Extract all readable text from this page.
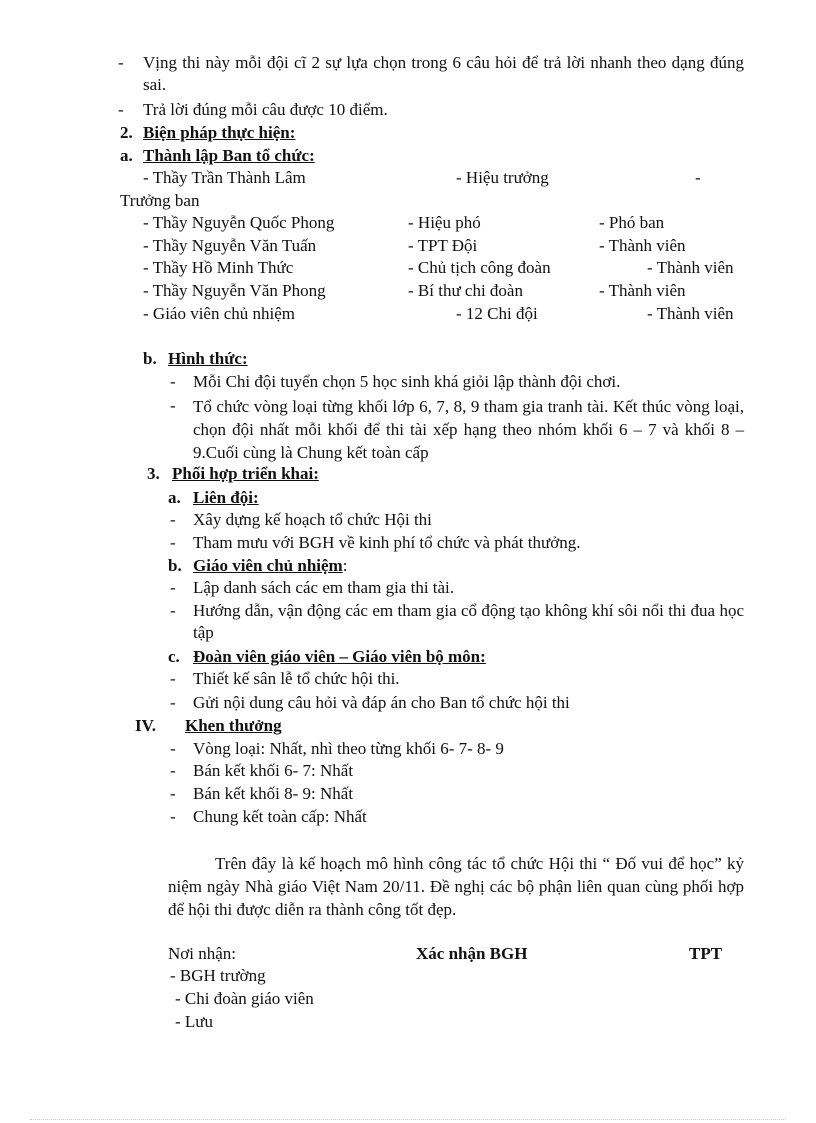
- Vịng thi này mỗi đội cĩ 2 sự lựa chọn trong 6 câu hỏi để trả lời nhanh theo dạng đúng sai.
- Trả lời đúng mỗi câu được 10 điểm.
2. Biện pháp thực hiện:
a. Thành lập Ban tổ chức:
- Thầy Trần Thành Lâm	- Hiệu trưởng	-
Trưởng ban
- Thầy Nguyễn Quốc Phong	- Hiệu phó	- Phó ban
- Thầy Nguyễn Văn Tuấn	- TPT Đội	- Thành viên
- Thầy Hồ Minh Thức	- Chủ tịch công đoàn	- Thành viên
- Thầy Nguyễn Văn Phong	- Bí thư chi đoàn	- Thành viên
- Giáo viên chủ nhiệm	- 12 Chi đội	- Thành viên
b. Hình thức:
- Mỗi Chi đội tuyển chọn 5 học sinh khá giỏi lập thành đội chơi.
- Tổ chức vòng loại từng khối lớp 6, 7, 8, 9 tham gia tranh tài. Kết thúc vòng loại, chọn đội nhất mỗi khối để thi tài xếp hạng theo nhóm khối 6 – 7 và khối 8 – 9.Cuối cùng là Chung kết toàn cấp
3. Phối hợp triển khai:
a. Liên đội:
- Xây dựng kế hoạch tổ chức Hội thi
- Tham mưu với BGH về kinh phí tổ chức và phát thưởng.
b. Giáo viên chủ nhiệm:
- Lập danh sách các em tham gia thi tài.
- Hướng dẫn, vận động các em tham gia cổ động tạo không khí sôi nổi thi đua học tập
c. Đoàn viên giáo viên – Giáo viên bộ môn:
- Thiết kế sân lễ tổ chức hội thi.
- Gửi nội dung câu hỏi và đáp án cho Ban tổ chức hội thi
IV. Khen thưởng
- Vòng loại: Nhất, nhì theo từng khối 6- 7- 8- 9
- Bán kết khối 6- 7: Nhất
- Bán kết khối 8- 9: Nhất
- Chung kết toàn cấp: Nhất
Trên đây là kế hoạch mô hình công tác tổ chức Hội thi “ Đố vui để học” kỷ niệm ngày Nhà giáo Việt Nam 20/11. Đề nghị các bộ phận liên quan cùng phối hợp để hội thi được diễn ra thành công tốt đẹp.
Nơi nhận:	Xác nhận BGH	TPT
- BGH trường
- Chi đoàn giáo viên
- Lưu
